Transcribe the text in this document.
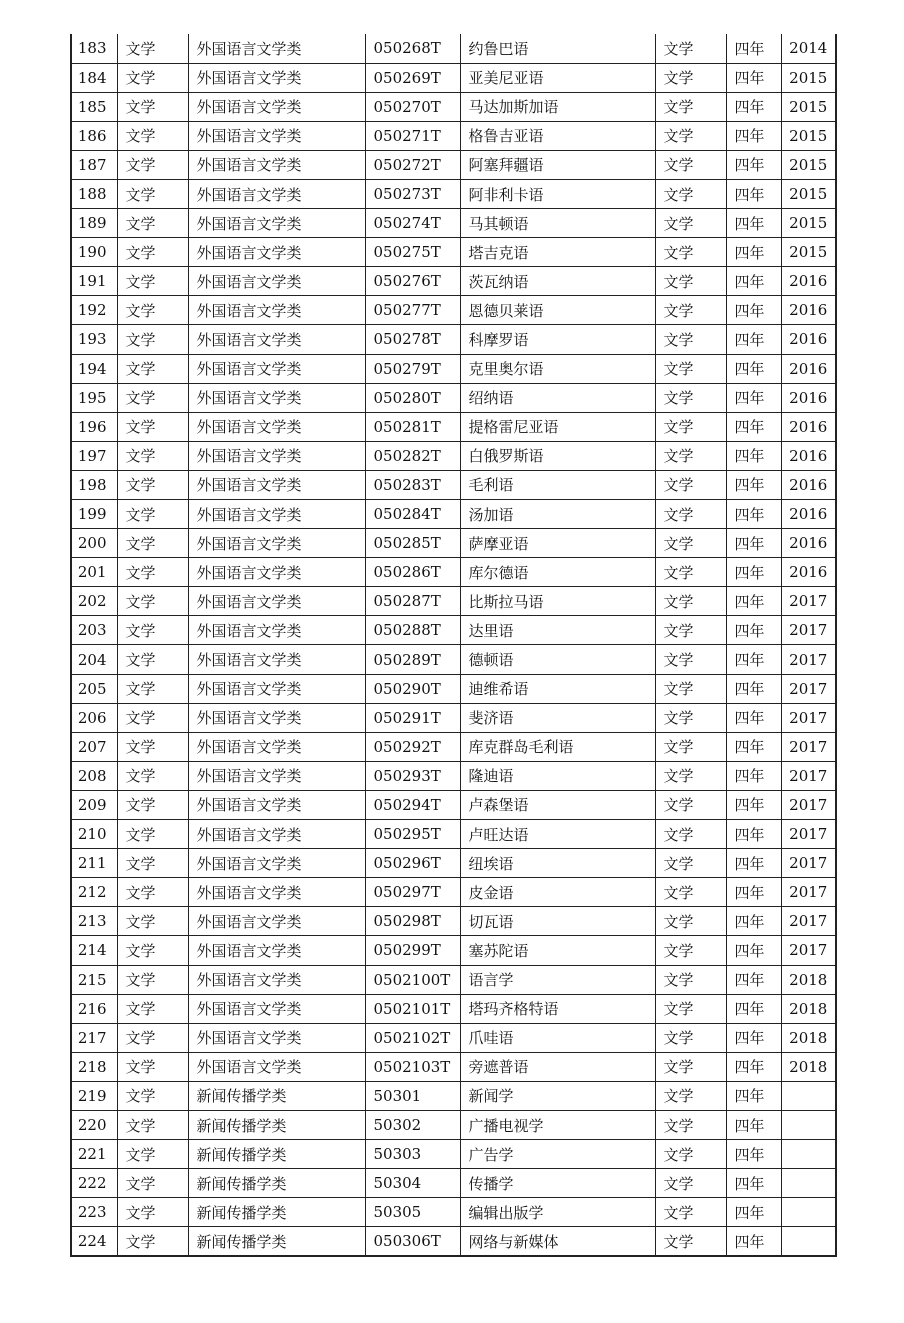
183	文学	外国语言文学类	050268T	约鲁巴语	文学	四年	2014
184	文学	外国语言文学类	050269T	亚美尼亚语	文学	四年	2015
185	文学	外国语言文学类	050270T	马达加斯加语	文学	四年	2015
186	文学	外国语言文学类	050271T	格鲁吉亚语	文学	四年	2015
187	文学	外国语言文学类	050272T	阿塞拜疆语	文学	四年	2015
188	文学	外国语言文学类	050273T	阿非利卡语	文学	四年	2015
189	文学	外国语言文学类	050274T	马其顿语	文学	四年	2015
190	文学	外国语言文学类	050275T	塔吉克语	文学	四年	2015
191	文学	外国语言文学类	050276T	茨瓦纳语	文学	四年	2016
192	文学	外国语言文学类	050277T	恩德贝莱语	文学	四年	2016
193	文学	外国语言文学类	050278T	科摩罗语	文学	四年	2016
194	文学	外国语言文学类	050279T	克里奥尔语	文学	四年	2016
195	文学	外国语言文学类	050280T	绍纳语	文学	四年	2016
196	文学	外国语言文学类	050281T	提格雷尼亚语	文学	四年	2016
197	文学	外国语言文学类	050282T	白俄罗斯语	文学	四年	2016
198	文学	外国语言文学类	050283T	毛利语	文学	四年	2016
199	文学	外国语言文学类	050284T	汤加语	文学	四年	2016
200	文学	外国语言文学类	050285T	萨摩亚语	文学	四年	2016
201	文学	外国语言文学类	050286T	库尔德语	文学	四年	2016
202	文学	外国语言文学类	050287T	比斯拉马语	文学	四年	2017
203	文学	外国语言文学类	050288T	达里语	文学	四年	2017
204	文学	外国语言文学类	050289T	德顿语	文学	四年	2017
205	文学	外国语言文学类	050290T	迪维希语	文学	四年	2017
206	文学	外国语言文学类	050291T	斐济语	文学	四年	2017
207	文学	外国语言文学类	050292T	库克群岛毛利语	文学	四年	2017
208	文学	外国语言文学类	050293T	隆迪语	文学	四年	2017
209	文学	外国语言文学类	050294T	卢森堡语	文学	四年	2017
210	文学	外国语言文学类	050295T	卢旺达语	文学	四年	2017
211	文学	外国语言文学类	050296T	纽埃语	文学	四年	2017
212	文学	外国语言文学类	050297T	皮金语	文学	四年	2017
213	文学	外国语言文学类	050298T	切瓦语	文学	四年	2017
214	文学	外国语言文学类	050299T	塞苏陀语	文学	四年	2017
215	文学	外国语言文学类	0502100T	语言学	文学	四年	2018
216	文学	外国语言文学类	0502101T	塔玛齐格特语	文学	四年	2018
217	文学	外国语言文学类	0502102T	爪哇语	文学	四年	2018
218	文学	外国语言文学类	0502103T	旁遮普语	文学	四年	2018
219	文学	新闻传播学类	50301	新闻学	文学	四年	
220	文学	新闻传播学类	50302	广播电视学	文学	四年	
221	文学	新闻传播学类	50303	广告学	文学	四年	
222	文学	新闻传播学类	50304	传播学	文学	四年	
223	文学	新闻传播学类	50305	编辑出版学	文学	四年	
224	文学	新闻传播学类	050306T	网络与新媒体	文学	四年	
